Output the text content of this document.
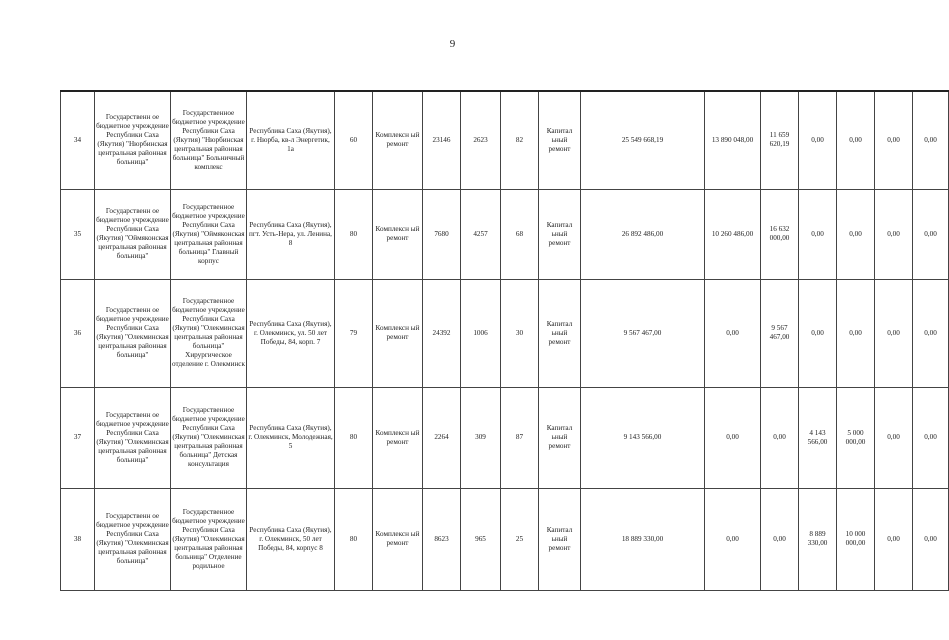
9
34	Государственн ое бюджетное учреждение Республики Саха (Якутия) "Нюрбинская центральная районная больница"	Государственное бюджетное учреждение Республики Саха (Якутия) "Нюрбинская центральная районная больница" Больничный комплекс	Республика Саха (Якутия), г. Нюрба, кв-л Энергетик, 1а	60	Комплексн ый ремонт	23146	2623	82	Капитал ьный ремонт	25 549 668,19	13 890 048,00	11 659 620,19	0,00	0,00	0,00	0,00
35	Государственн ое бюджетное учреждение Республики Саха (Якутия) "Оймяконская центральная районная больница"	Государственное бюджетное учреждение Республики Саха (Якутия) "Оймяконская центральная районная больница" Главный корпус	Республика Саха (Якутия), пгт. Усть-Нера, ул. Ленина, 8	80	Комплексн ый ремонт	7680	4257	68	Капитал ьный ремонт	26 892 486,00	10 260 486,00	16 632 000,00	0,00	0,00	0,00	0,00
36	Государственн ое бюджетное учреждение Республики Саха (Якутия) "Олекминская центральная районная больница"	Государственное бюджетное учреждение Республики Саха (Якутия) "Олекминская центральная районная больница" Хирургическое отделение г. Олекминск	Республика Саха (Якутия), г. Олекминск, ул. 50 лет Победы, 84, корп. 7	79	Комплексн ый ремонт	24392	1006	30	Капитал ьный ремонт	9 567 467,00	0,00	9 567 467,00	0,00	0,00	0,00	0,00
37	Государственн ое бюджетное учреждение Республики Саха (Якутия) "Олекминская центральная районная больница"	Государственное бюджетное учреждение Республики Саха (Якутия) "Олекминская центральная районная больница" Детская консультация	Республика Саха (Якутия), г. Олекминск, Молодежная, 5	80	Комплексн ый ремонт	2264	309	87	Капитал ьный ремонт	9 143 566,00	0,00	0,00	4 143 566,00	5 000 000,00	0,00	0,00
38	Государственн ое бюджетное учреждение Республики Саха (Якутия) "Олекминская центральная районная больница"	Государственное бюджетное учреждение Республики Саха (Якутия) "Олекминская центральная районная больница" Отделение родильное	Республика Саха (Якутия), г. Олекминск, 50 лет Победы, 84, корпус 8	80	Комплексн ый ремонт	8623	965	25	Капитал ьный ремонт	18 889 330,00	0,00	0,00	8 889 330,00	10 000 000,00	0,00	0,00
